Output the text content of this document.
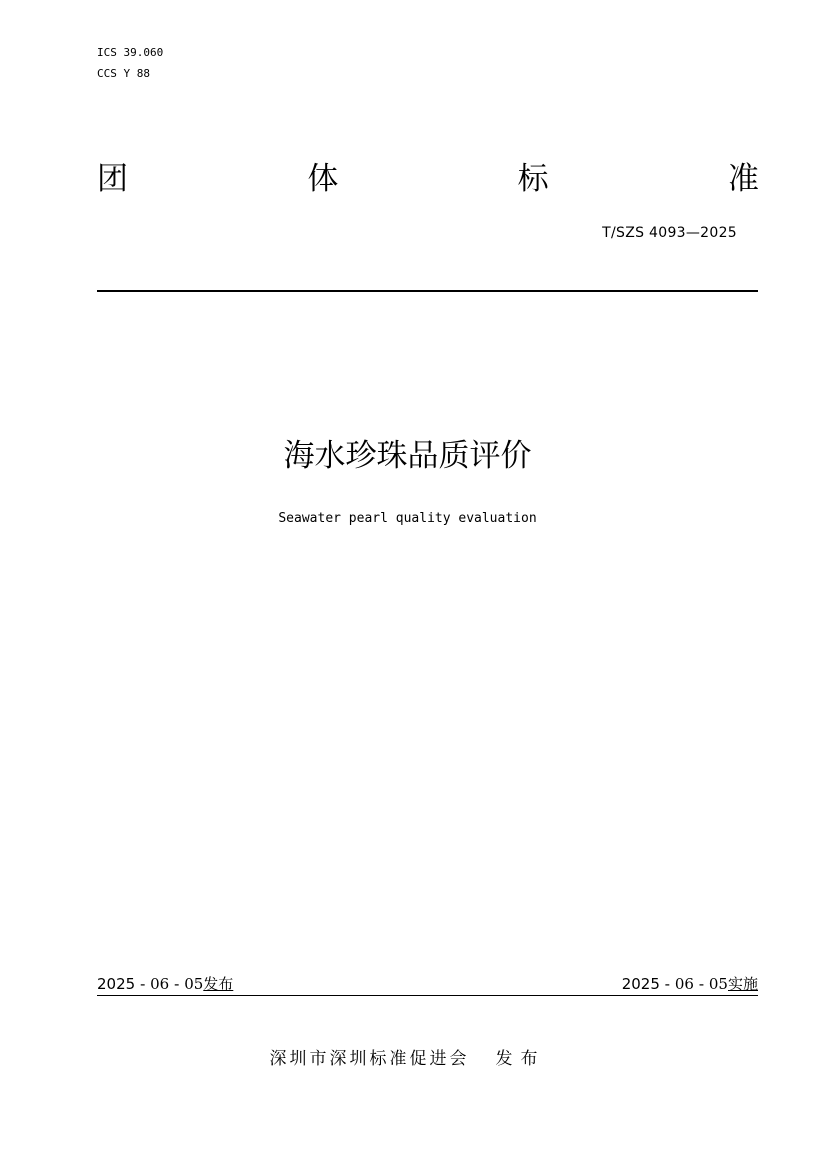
ICS 39.060
CCS Y 88
团	体	标	准
T/SZS 4093—2025
海水珍珠品质评价
Seawater pearl quality evaluation
2025 - 06 - 05发布	2025 - 06 - 05实施
深圳市深圳标准促进会 发布
